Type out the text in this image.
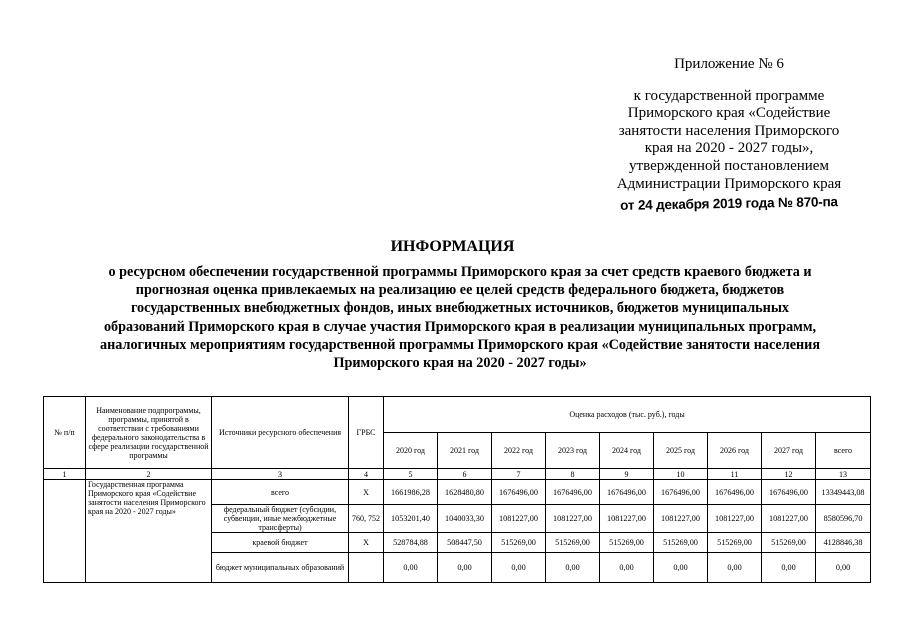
Приложение № 6
к государственной программе
Приморского края «Содействие
занятости населения Приморского
края на 2020 - 2027 годы»,
утвержденной постановлением
Администрации Приморского края
от 24 декабря 2019 года № 870-па
ИНФОРМАЦИЯ
о ресурсном обеспечении государственной программы Приморского края за счет средств краевого бюджета и прогнозная оценка привлекаемых на реализацию ее целей средств федерального бюджета, бюджетов государственных внебюджетных фондов, иных внебюджетных источников, бюджетов муниципальных образований Приморского края в случае участия Приморского края в реализации муниципальных программ, аналогичных мероприятиям государственной программы Приморского края «Содействие занятости населения Приморского края на 2020 - 2027 годы»
№ п/п	Наименование подпрограммы, программы, принятой в соответствии с требованиями федерального законодательства в сфере реализации государственной программы	Источники ресурсного обеспечения	ГРБС	Оценка расходов (тыс. руб.), годы								
				2020 год	2021 год	2022 год	2023 год	2024 год	2025 год	2026 год	2027 год	всего
1	2	3	4	5	6	7	8	9	10	11	12	13
	Государственная программа Приморского края «Содействие занятости населения Приморского края на 2020 - 2027 годы»	всего	X	1661986,28	1628480,80	1676496,00	1676496,00	1676496,00	1676496,00	1676496,00	1676496,00	13349443,08
		федеральный бюджет (субсидии, субвенции, иные межбюджетные трансферты)	760, 752	1053201,40	1040033,30	1081227,00	1081227,00	1081227,00	1081227,00	1081227,00	1081227,00	8580596,70
		краевой бюджет	X	528784,88	508447,50	515269,00	515269,00	515269,00	515269,00	515269,00	515269,00	4128846,38
		бюджет муниципальных образований		0,00	0,00	0,00	0,00	0,00	0,00	0,00	0,00	0,00
